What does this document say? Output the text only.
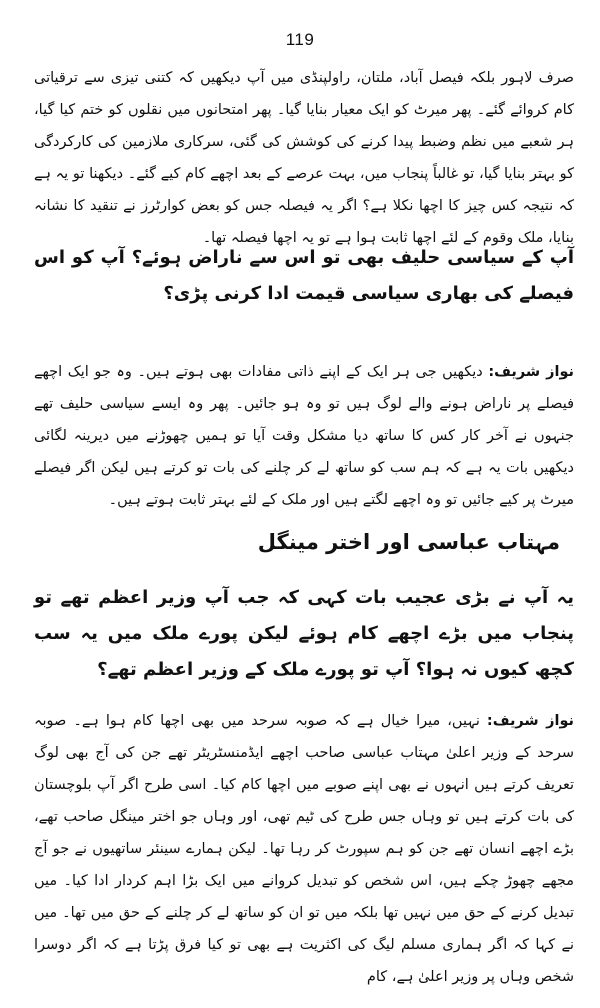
119

صرف لاہور بلکہ فیصل آباد، ملتان، راولپنڈی میں آپ دیکھیں کہ کتنی تیزی سے ترقیاتی کام کروائے گئے۔ پھر میرٹ کو ایک معیار بنایا گیا۔ پھر امتحانوں میں نقلوں کو ختم کیا گیا، ہر شعبے میں نظم وضبط پیدا کرنے کی کوشش کی گئی، سرکاری ملازمین کی کارکردگی کو بہتر بنایا گیا، تو غالباً پنجاب میں، بہت عرصے کے بعد اچھے کام کیے گئے۔ دیکھنا تو یہ ہے کہ نتیجہ کس چیز کا اچھا نکلا ہے؟ اگر یہ فیصلہ جس کو بعض کوارٹرز نے تنقید کا نشانہ بنایا، ملک وقوم کے لئے اچھا ثابت ہوا ہے تو یہ اچھا فیصلہ تھا۔

آپ کے سیاسی حلیف بھی تو اس سے ناراض ہوئے؟ آپ کو اس فیصلے کی بھاری سیاسی قیمت ادا کرنی پڑی؟

نواز شریف: دیکھیں جی ہر ایک کے اپنے ذاتی مفادات بھی ہوتے ہیں۔ وہ جو ایک اچھے فیصلے پر ناراض ہونے والے لوگ ہیں تو وہ ہو جائیں۔ پھر وہ ایسے سیاسی حلیف تھے جنہوں نے آخر کار کس کا ساتھ دیا مشکل وقت آیا تو ہمیں چھوڑنے میں دیرینہ لگائی دیکھیں بات یہ ہے کہ ہم سب کو ساتھ لے کر چلنے کی بات تو کرتے ہیں لیکن اگر فیصلے میرٹ پر کیے جائیں تو وہ اچھے لگتے ہیں اور ملک کے لئے بہتر ثابت ہوتے ہیں۔

مہتاب عباسی اور اختر مینگل

یہ آپ نے بڑی عجیب بات کہی کہ جب آپ وزیر اعظم تھے تو پنجاب میں بڑے اچھے کام ہوئے لیکن پورے ملک میں یہ سب کچھ کیوں نہ ہوا؟ آپ تو پورے ملک کے وزیر اعظم تھے؟

نواز شریف: نہیں، میرا خیال ہے کہ صوبہ سرحد میں بھی اچھا کام ہوا ہے۔ صوبہ سرحد کے وزیر اعلیٰ مہتاب عباسی صاحب اچھے ایڈمنسٹریٹر تھے جن کی آج بھی لوگ تعریف کرتے ہیں انہوں نے بھی اپنے صوبے میں اچھا کام کیا۔ اسی طرح اگر آپ بلوچستان کی بات کرتے ہیں تو وہاں جس طرح کی ٹیم تھی، اور وہاں جو اختر مینگل صاحب تھے، بڑے اچھے انسان تھے جن کو ہم سپورٹ کر رہا تھا۔ لیکن ہمارے سینئر ساتھیوں نے جو آج مجھے چھوڑ چکے ہیں، اس شخص کو تبدیل کروانے میں ایک بڑا اہم کردار ادا کیا۔ میں تبدیل کرنے کے حق میں نہیں تھا بلکہ میں تو ان کو ساتھ لے کر چلنے کے حق میں تھا۔ میں نے کہا کہ اگر ہماری مسلم لیگ کی اکثریت ہے بھی تو کیا فرق پڑتا ہے کہ اگر دوسرا شخص وہاں پر وزیر اعلیٰ ہے، کام
